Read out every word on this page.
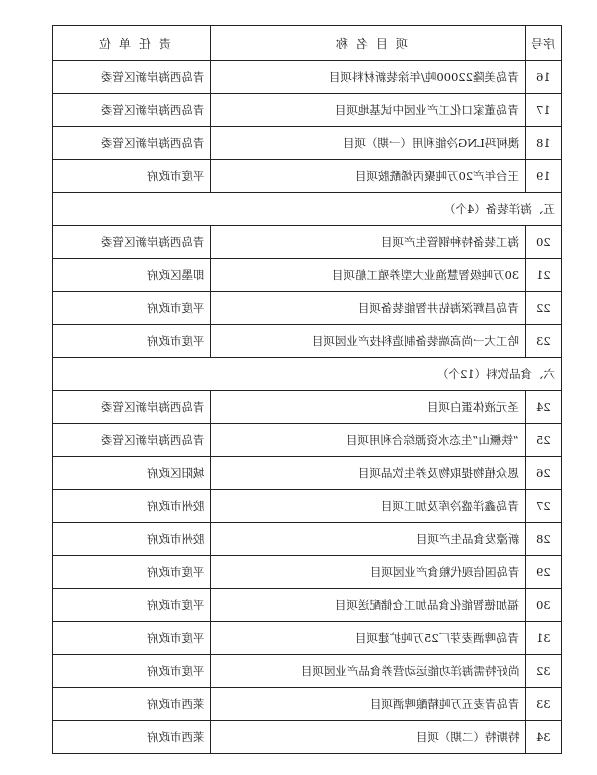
责任单位	项目名称	序号
青岛西海岸新区管委	青岛美隆22000吨/年涂装新材料项目	16
青岛西海岸新区管委	青岛董家口化工产业园中试基地项目	17
青岛西海岸新区管委	澳柯玛LNG冷能利用（一期）项目	18
平度市政府	王台年产20万吨聚丙烯酰胺项目	19
五、海洋装备（4个）		
青岛西海岸新区管委	海工装备特种钢管生产项目	20
即墨区政府	30万吨级智慧渔业大型养殖工船项目	21
平度市政府	青岛昌辉深海钻井智能装备项目	22
平度市政府	哈工大一尚高端装备制造科技产业园项目	23
六、食品饮料（12个）		
青岛西海岸新区管委	圣元液体蛋白项目	24
青岛西海岸新区管委	“铁橛山”生态水资源综合利用项目	25
城阳区政府	恩众植物提取物及养生饮品项目	26
胶州市政府	青岛鑫洋盛冷库及加工项目	27
胶州市政府	新濠发食品生产项目	28
平度市政府	青岛国信现代粮食产业园项目	29
平度市政府	福加德智能化食品加工仓储配送项目	30
平度市政府	青岛啤酒麦芽厂25万吨扩建项目	31
平度市政府	尚好特需海洋功能运动营养食品产业园项目	32
莱西市政府	青岛青麦五万吨精酿啤酒项目	33
莱西市政府	特斯特（二期）项目	34
